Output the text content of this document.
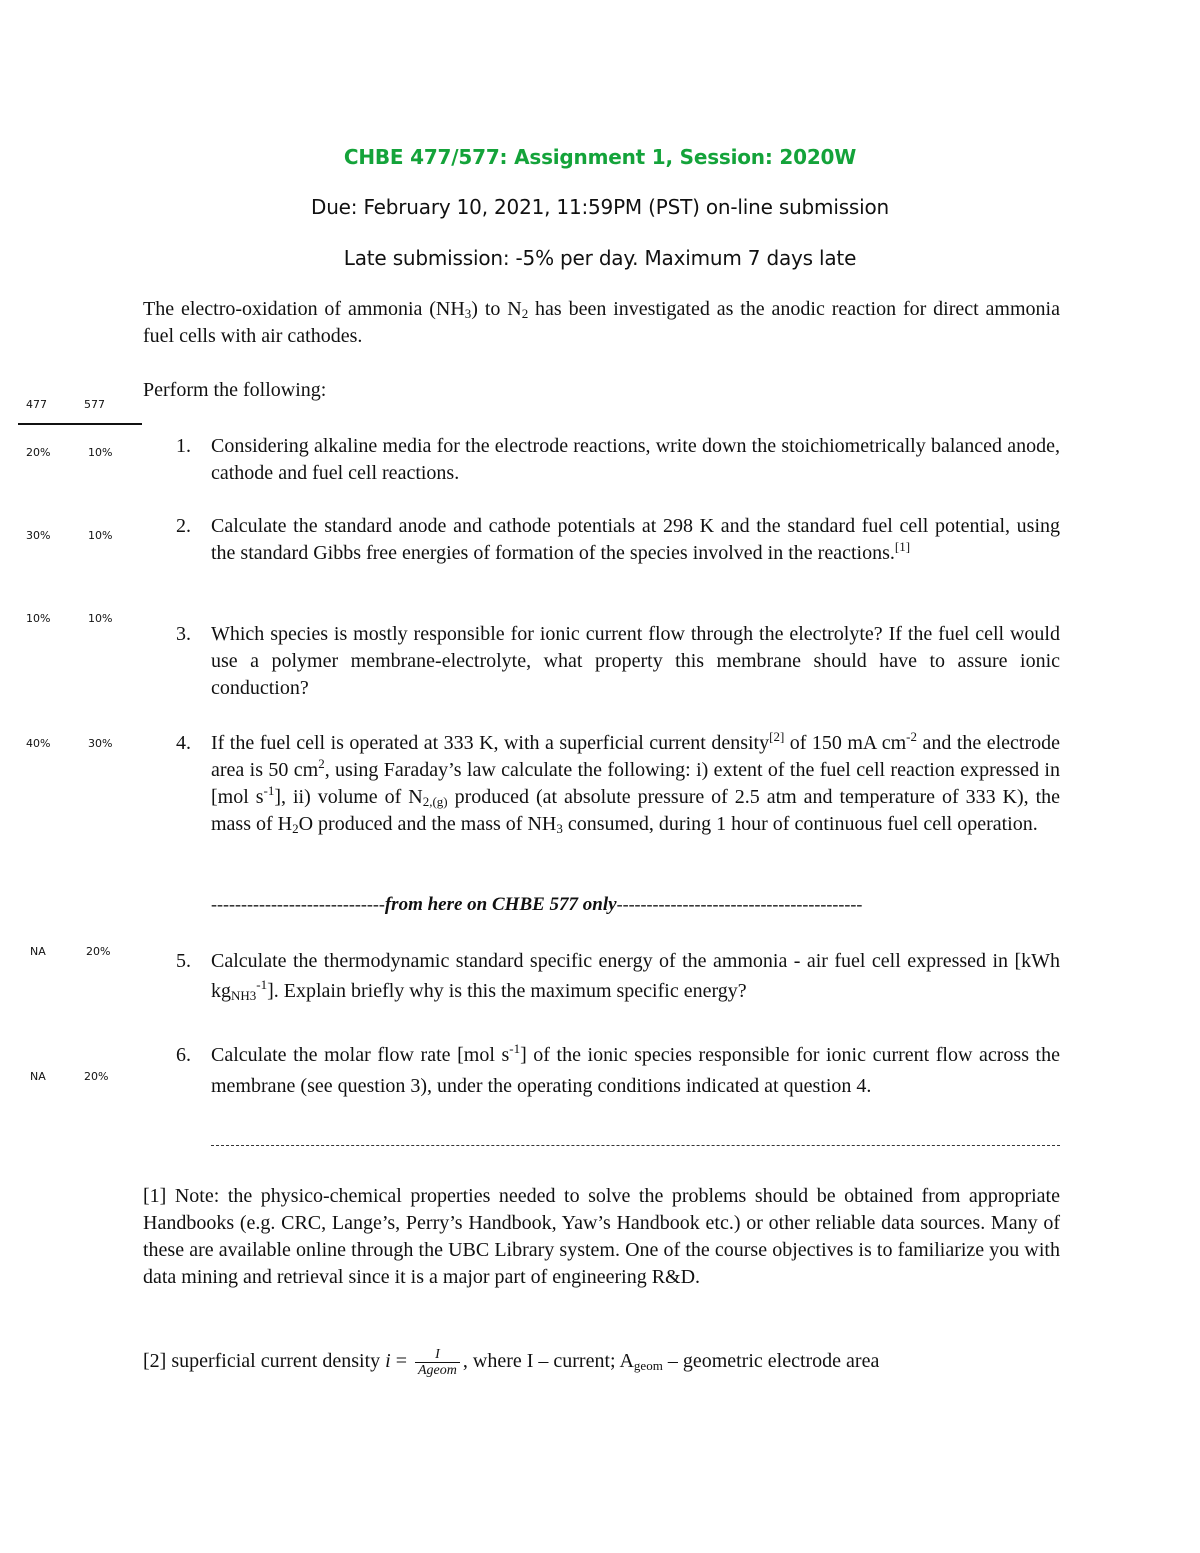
CHBE 477/577: Assignment 1, Session: 2020W
Due: February 10, 2021, 11:59PM (PST) on-line submission
Late submission: -5% per day. Maximum 7 days late
The electro-oxidation of ammonia $(NH_3)$ to $N_2$ has been investigated as the anodic reaction for direct ammonia fuel cells with air cathodes.
Perform the following:
477	577
20%	10%
30%	10%
10%	10%
40%	30%
NA	20%
NA	20%
1. Considering alkaline media for the electrode reactions, write down the stoichiometrically balanced anode, cathode and fuel cell reactions.
2. Calculate the standard anode and cathode potentials at 298 K and the standard fuel cell potential, using the standard Gibbs free energies of formation of the species involved in the reactions.[1]
3. Which species is mostly responsible for ionic current flow through the electrolyte? If the fuel cell would use a polymer membrane-electrolyte, what property this membrane should have to assure ionic conduction?
4. If the fuel cell is operated at 333 K, with a superficial current density[2] of 150 mA $cm^{-2}$ and the electrode area is 50 $cm^2$, using Faraday’s law calculate the following: i) extent of the fuel cell reaction expressed in [mol $s^{-1}$], ii) volume of $N_{2,(g)}$ produced (at absolute pressure of 2.5 atm and temperature of 333 K), the mass of $H_2O$ produced and the mass of $NH_3$ consumed, during 1 hour of continuous fuel cell operation.
-----------------------------from here on CHBE 577 only-----------------------------------------
5. Calculate the thermodynamic standard specific energy of the ammonia - air fuel cell expressed in [kWh $kg_{NH3}^{-1}$]. Explain briefly why is this the maximum specific energy?
6. Calculate the molar flow rate [mol $s^{-1}$] of the ionic species responsible for ionic current flow across the membrane (see question 3), under the operating conditions indicated at question 4.
[1] Note: the physico-chemical properties needed to solve the problems should be obtained from appropriate Handbooks (e.g. CRC, Lange’s, Perry’s Handbook, Yaw’s Handbook etc.) or other reliable data sources. Many of these are available online through the UBC Library system. One of the course objectives is to familiarize you with data mining and retrieval since it is a major part of engineering R&D.
[2] superficial current density $i = \frac{I}{\text{Ageom}}$ , where I – current; $A_{geom}$ – geometric electrode area
